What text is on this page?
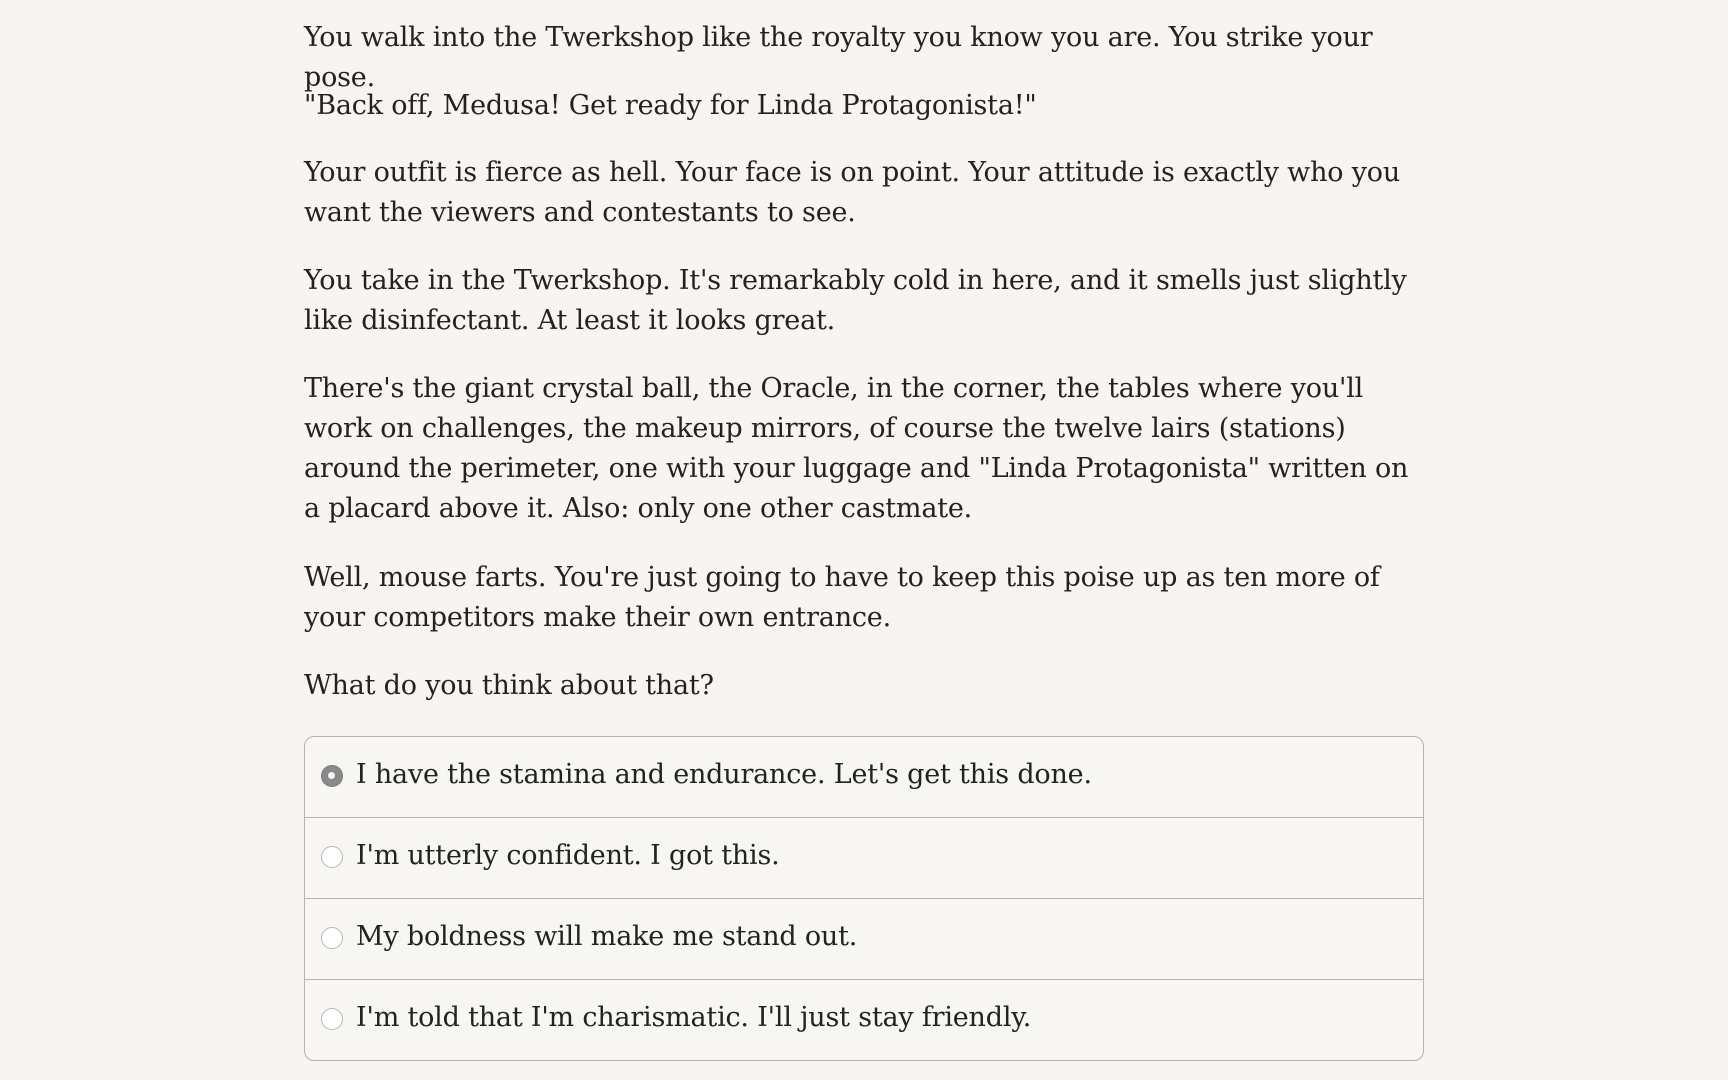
You walk into the Twerkshop like the royalty you know you are. You strike your pose.

"Back off, Medusa! Get ready for Linda Protagonista!"

Your outfit is fierce as hell. Your face is on point. Your attitude is exactly who you want the viewers and contestants to see.

You take in the Twerkshop. It's remarkably cold in here, and it smells just slightly like disinfectant. At least it looks great.

There's the giant crystal ball, the Oracle, in the corner, the tables where you'll work on challenges, the makeup mirrors, of course the twelve lairs (stations) around the perimeter, one with your luggage and "Linda Protagonista" written on a placard above it. Also: only one other castmate.

Well, mouse farts. You're just going to have to keep this poise up as ten more of your competitors make their own entrance.

What do you think about that?

I have the stamina and endurance. Let's get this done.
I'm utterly confident. I got this.
My boldness will make me stand out.
I'm told that I'm charismatic. I'll just stay friendly.
